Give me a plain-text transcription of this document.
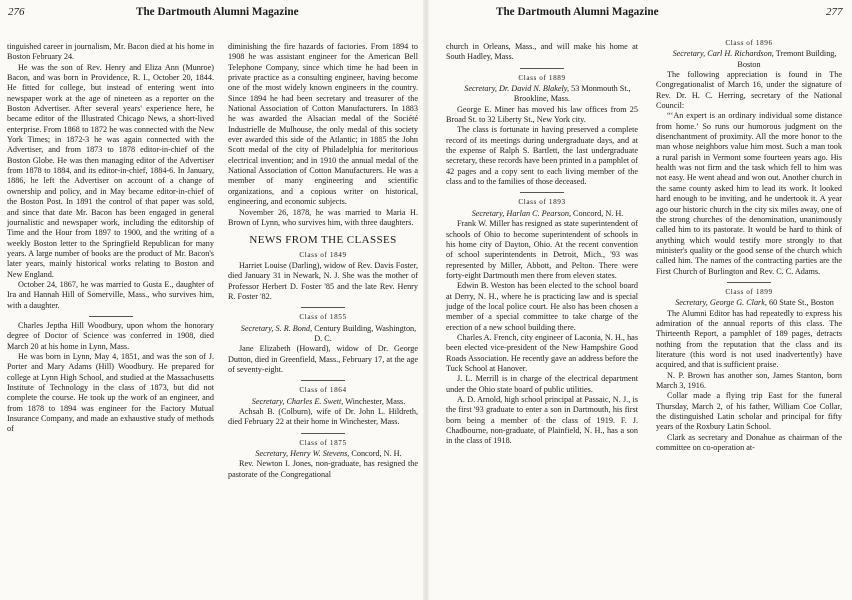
276	The Dartmouth Alumni Magazine

tinguished career in journalism, Mr. Bacon died at his home in Boston February 24.

He was the son of Rev. Henry and Eliza Ann (Munroe) Bacon, and was born in Providence, R. I., October 20, 1844. He fitted for college, but instead of entering went into newspaper work at the age of nineteen as a reporter on the Boston Advertiser. After several years' experience here, he became editor of the Illustrated Chicago News, a short-lived enterprise. From 1868 to 1872 he was connected with the New York Times; in 1872-3 he was again connected with the Advertiser, and from 1873 to 1878 editor-in-chief of the Boston Globe. He was then managing editor of the Advertiser from 1878 to 1884, and its editor-in-chief, 1884-6. In January, 1886, he left the Advertiser on account of a change of ownership and policy, and in May became editor-in-chief of the Boston Post. In 1891 the control of that paper was sold, and since that date Mr. Bacon has been engaged in general journalistic and newspaper work, including the editorship of Time and the Hour from 1897 to 1900, and the writing of a weekly Boston letter to the Springfield Republican for many years. A large number of books are the product of Mr. Bacon's later years, mainly historical works relating to Boston and New England.

October 24, 1867, he was married to Gusta E., daughter of Ira and Hannah Hill of Somerville, Mass., who survives him, with a daughter.

Charles Jeptha Hill Woodbury, upon whom the honorary degree of Doctor of Science was conferred in 1908, died March 20 at his home in Lynn, Mass.

He was born in Lynn, May 4, 1851, and was the son of J. Porter and Mary Adams (Hill) Woodbury. He prepared for college at Lynn High School, and studied at the Massachusetts Institute of Technology in the class of 1873, but did not complete the course. He took up the work of an engineer, and from 1878 to 1894 was engineer for the Factory Mutual Insurance Company, and made an exhaustive study of methods of

diminishing the fire hazards of factories. From 1894 to 1908 he was assistant engineer for the American Bell Telephone Company, since which time he had been in private practice as a consulting engineer, having become one of the most widely known engineers in the country. Since 1894 he had been secretary and treasurer of the National Association of Cotton Manufacturers. In 1883 he was awarded the Alsacian medal of the Société Industrielle de Mulhouse, the only medal of this society ever awarded this side of the Atlantic; in 1885 the John Scott medal of the city of Philadelphia for meritorious electrical invention; and in 1910 the annual medal of the National Association of Cotton Manufacturers. He was a member of many engineering and scientific organizations, and a copious writer on historical, engineering, and economic subjects.

November 26, 1878, he was married to Maria H. Brown of Lynn, who survives him, with three daughters.

NEWS FROM THE CLASSES
Class of 1849

Harriet Louise (Darling), widow of Rev. Davis Foster, died January 31 in Newark, N. J. She was the mother of Professor Herbert D. Foster '85 and the late Rev. Henry R. Foster '82.

Class of 1855

Secretary, S. R. Bond, Century Building, Washington, D. C.

Jane Elizabeth (Howard), widow of Dr. George Dutton, died in Greenfield, Mass., February 17, at the age of seventy-eight.

Class of 1864

Secretary, Charles E. Swett, Winchester, Mass.

Achsah B. (Colburn), wife of Dr. John L. Hildreth, died February 22 at their home in Winchester, Mass.

Class of 1875

Secretary, Henry W. Stevens, Concord, N. H.

Rev. Newton I. Jones, non-graduate, has resigned the pastorate of the Congregational

The Dartmouth Alumni Magazine	277

church in Orleans, Mass., and will make his home at South Hadley, Mass.

Class of 1889

Secretary, Dr. David N. Blakely, 53 Monmouth St., Brookline, Mass.

George E. Miner has moved his law offices from 25 Broad St. to 32 Liberty St., New York city.

The class is fortunate in having preserved a complete record of its meetings during undergraduate days, and at the expense of Ralph S. Bartlett, the last undergraduate secretary, these records have been printed in a pamphlet of 42 pages and a copy sent to each living member of the class and to the families of those deceased.

Class of 1893

Secretary, Harlan C. Pearson, Concord, N. H.

Frank W. Miller has resigned as state superintendent of schools of Ohio to become superintendent of schools in his home city of Dayton, Ohio. At the recent convention of school superintendents in Detroit, Mich., '93 was represented by Miller, Abbott, and Pelton. There were forty-eight Dartmouth men there from eleven states.

Edwin B. Weston has been elected to the school board at Derry, N. H., where he is practicing law and is special judge of the local police court. He also has been chosen a member of a special committee to take charge of the erection of a new school building there.

Charles A. French, city engineer of Laconia, N. H., has been elected vice-president of the New Hampshire Good Roads Association. He recently gave an address before the Tuck School at Hanover.

J. L. Merrill is in charge of the electrical department under the Ohio state board of public utilities.

A. D. Arnold, high school principal at Passaic, N. J., is the first '93 graduate to enter a son in Dartmouth, his first born being a member of the class of 1919. F. J. Chadbourne, non-graduate, of Plainfield, N. H., has a son in the class of 1918.

Class of 1896

Secretary, Carl H. Richardson, Tremont Building, Boston

The following appreciation is found in The Congregationalist of March 16, under the signature of Rev. Dr. H. C. Herring, secretary of the National Council:

“‘An expert is an ordinary individual some distance from home.’ So runs our humorous judgment on the disenchantment of proximity. All the more honor to the man whose neighbors value him most. Such a man took a rural parish in Vermont some fourteen years ago. His health was not firm and the task which fell to him was not easy. He went ahead and won out. Another church in the same county asked him to lead its work. It looked hard enough to be inviting, and he undertook it. A year ago our historic church in the city six miles away, one of the strong churches of the denomination, unanimously called him to its pastorate. It would be hard to think of anything which would testify more strongly to that minister's quality or the good sense of the church which called him. The names of the contracting parties are the First Church of Burlington and Rev. C. C. Adams.

Class of 1899

Secretary, George G. Clark, 60 State St., Boston

The Alumni Editor has had repeatedly to express his admiration of the annual reports of this class. The Thirteenth Report, a pamphlet of 189 pages, detracts nothing from the reputation that the class and its literature (this word is not used inadvertently) have acquired, and that is sufficient praise.

N. P. Brown has another son, James Stanton, born March 3, 1916.

Collar made a flying trip East for the funeral Thursday, March 2, of his father, William Coe Collar, the distinguished Latin scholar and principal for fifty years of the Roxbury Latin School.

Clark as secretary and Donahue as chairman of the committee on co-operation at-
